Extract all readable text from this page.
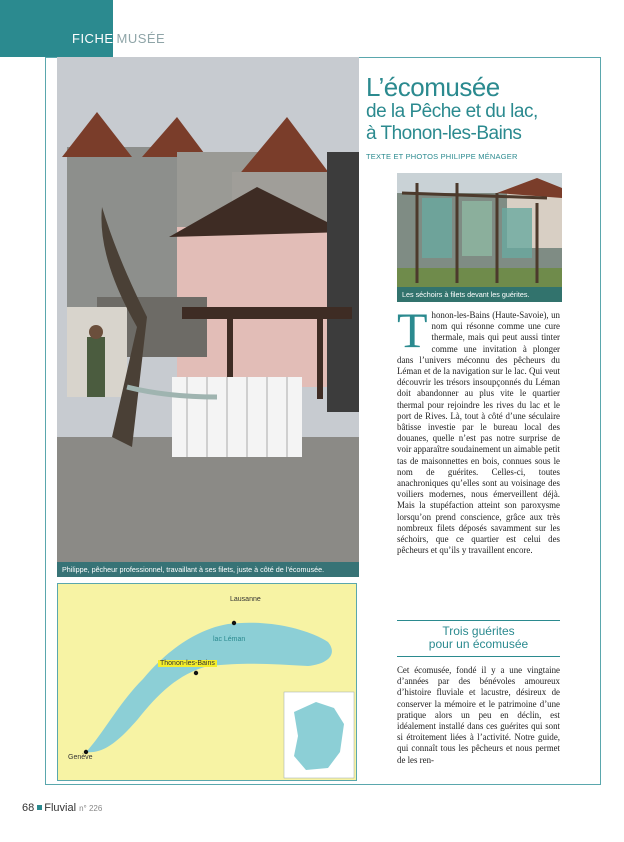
FICHE MUSÉE
Philippe, pêcheur professionnel, travaillant à ses filets, juste à côté de l’écomusée.
L’écomusée
de la Pêche et du lac,
à Thonon-les-Bains
TEXTE ET PHOTOS PHILIPPE MÉNAGER
Les séchoirs à filets devant les guérites.
Thonon-les-Bains (Haute-Savoie), un nom qui résonne comme une cure thermale, mais qui peut aussi tinter comme une invitation à plonger dans l’univers méconnu des pêcheurs du Léman et de la navigation sur le lac. Qui veut découvrir les trésors insoupçonnés du Léman doit abandonner au plus vite le quartier thermal pour rejoindre les rives du lac et le port de Rives. Là, tout à côté d’une séculaire bâtisse investie par le bureau local des douanes, quelle n’est pas notre surprise de voir apparaître soudainement un aimable petit tas de maisonnettes en bois, connues sous le nom de guérites. Celles-ci, toutes anachroniques qu’elles sont au voisinage des voiliers modernes, nous émerveillent déjà. Mais la stupéfaction atteint son paroxysme lorsqu’on prend conscience, grâce aux très nombreux filets déposés savamment sur les séchoirs, que ce quartier est celui des pêcheurs et qu’ils y travaillent encore.
Trois guérites
pour un écomusée
Cet écomusée, fondé il y a une vingtaine d’années par des bénévoles amoureux d’histoire fluviale et lacustre, désireux de conserver la mémoire et le patrimoine d’une pratique alors un peu en déclin, est idéalement installé dans ces guérites qui sont si étroitement liées à l’activité. Notre guide, qui connaît tous les pêcheurs et nous permet de les ren-
Lausanne
lac Léman
Thonon-les-Bains
Genève
68 Fluvial n° 226
